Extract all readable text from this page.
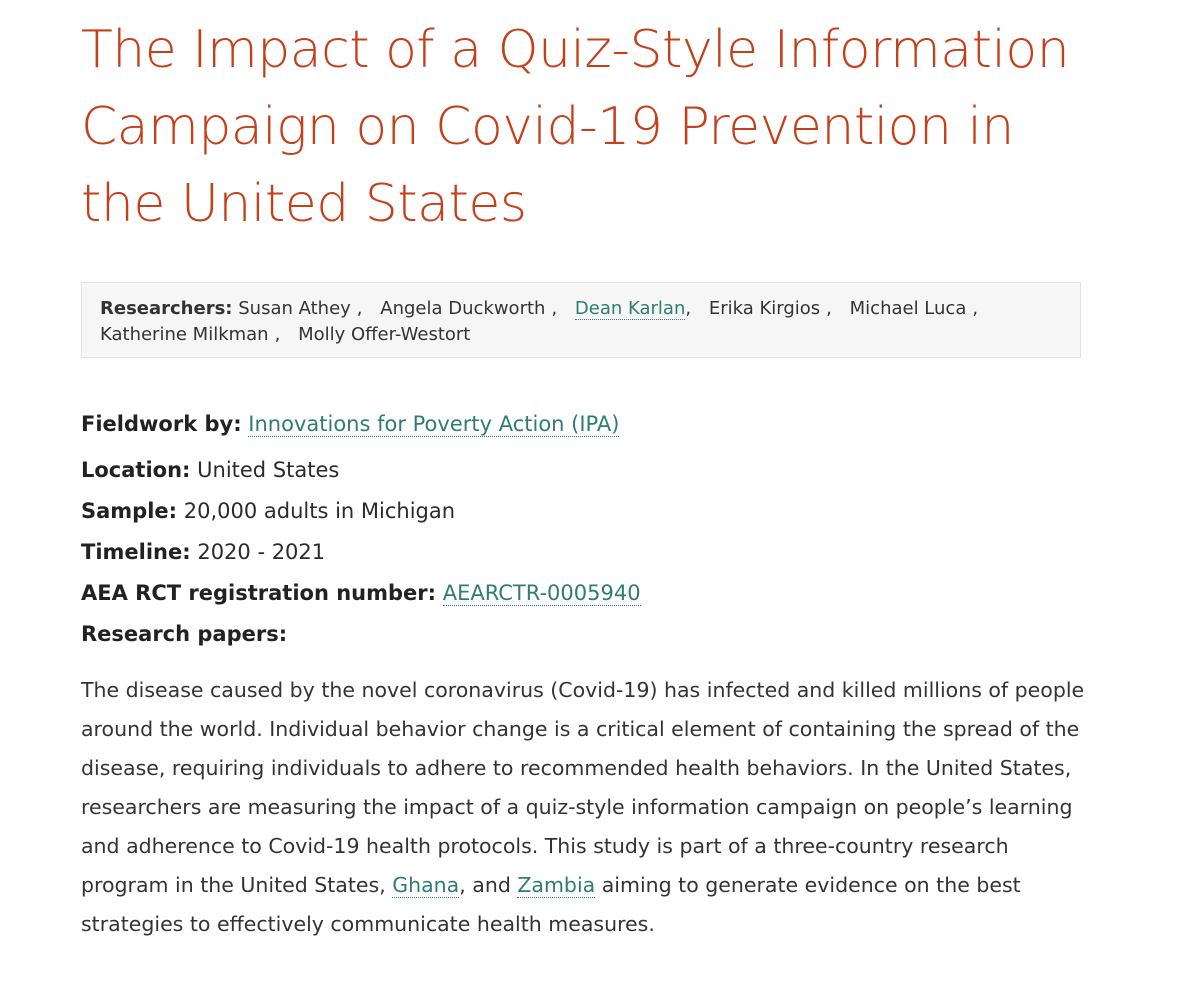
The Impact of a Quiz-Style Information Campaign on Covid-19 Prevention in the United States
Researchers: Susan Athey , Angela Duckworth , Dean Karlan, Erika Kirgios , Michael Luca , Katherine Milkman , Molly Offer-Westort
Fieldwork by: Innovations for Poverty Action (IPA)
Location: United States
Sample: 20,000 adults in Michigan
Timeline: 2020 - 2021
AEA RCT registration number: AEARCTR-0005940
Research papers:

The disease caused by the novel coronavirus (Covid-19) has infected and killed millions of people around the world. Individual behavior change is a critical element of containing the spread of the disease, requiring individuals to adhere to recommended health behaviors. In the United States, researchers are measuring the impact of a quiz-style information campaign on people’s learning and adherence to Covid-19 health protocols. This study is part of a three-country research program in the United States, Ghana, and Zambia aiming to generate evidence on the best strategies to effectively communicate health measures.
